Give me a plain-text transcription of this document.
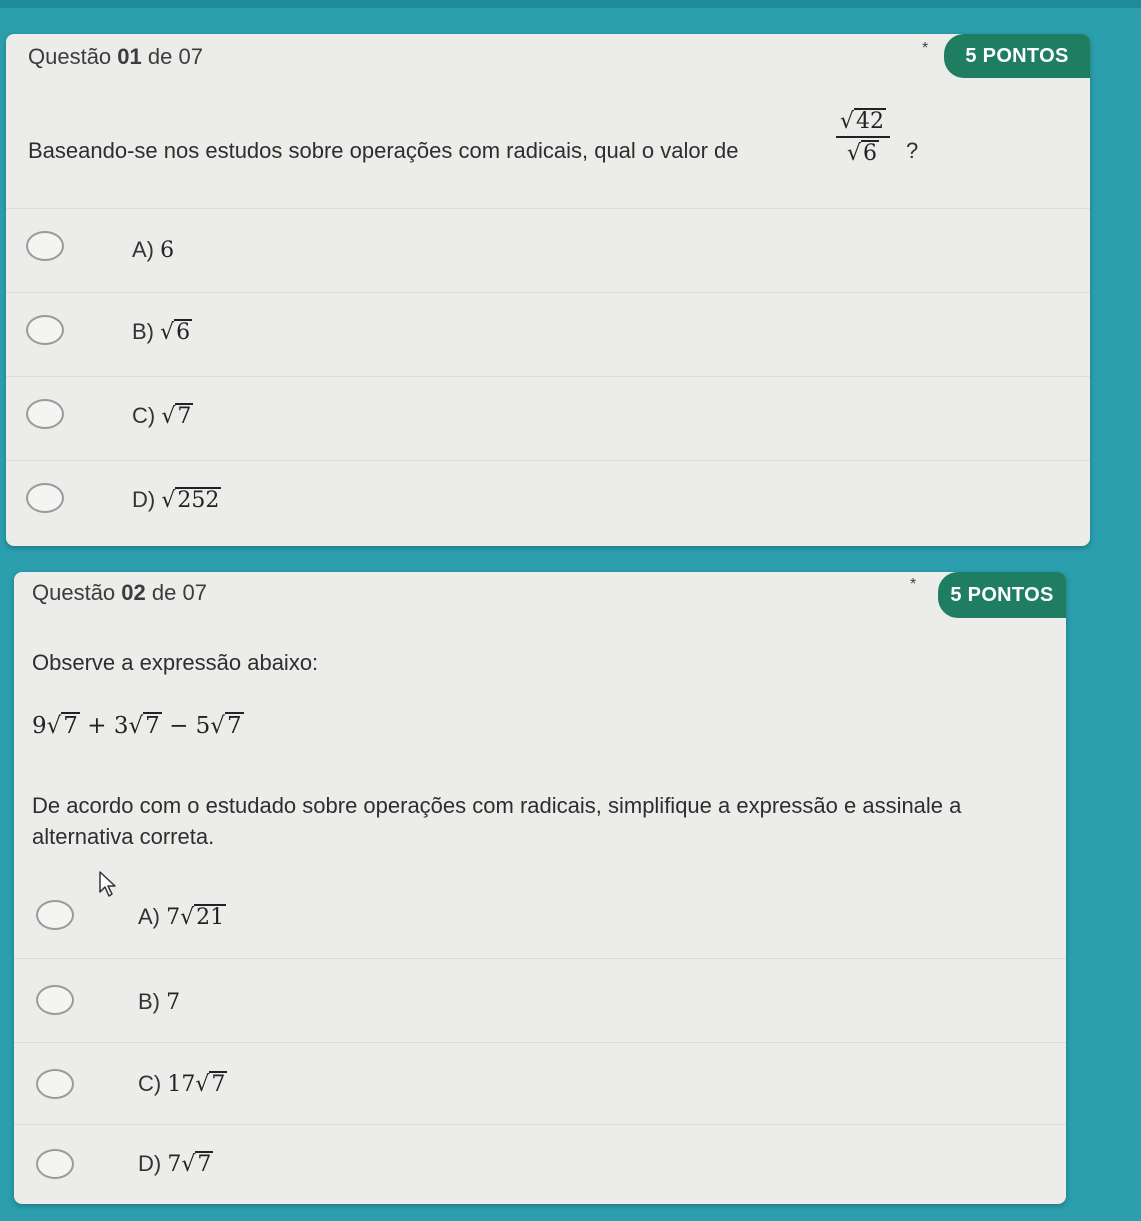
Questão 01 de 07	*	5 PONTOS
Baseando-se nos estudos sobre operações com radicais, qual o valor de
√42
√6	?
A) 6
B) √6
C) √7
D) √252
Questão 02 de 07	*	5 PONTOS
Observe a expressão abaixo:
9√7 + 3√7 − 5√7
De acordo com o estudado sobre operações com radicais, simplifique a expressão e assinale a alternativa correta.
A) 7√21
B) 7
C) 17√7
D) 7√7
